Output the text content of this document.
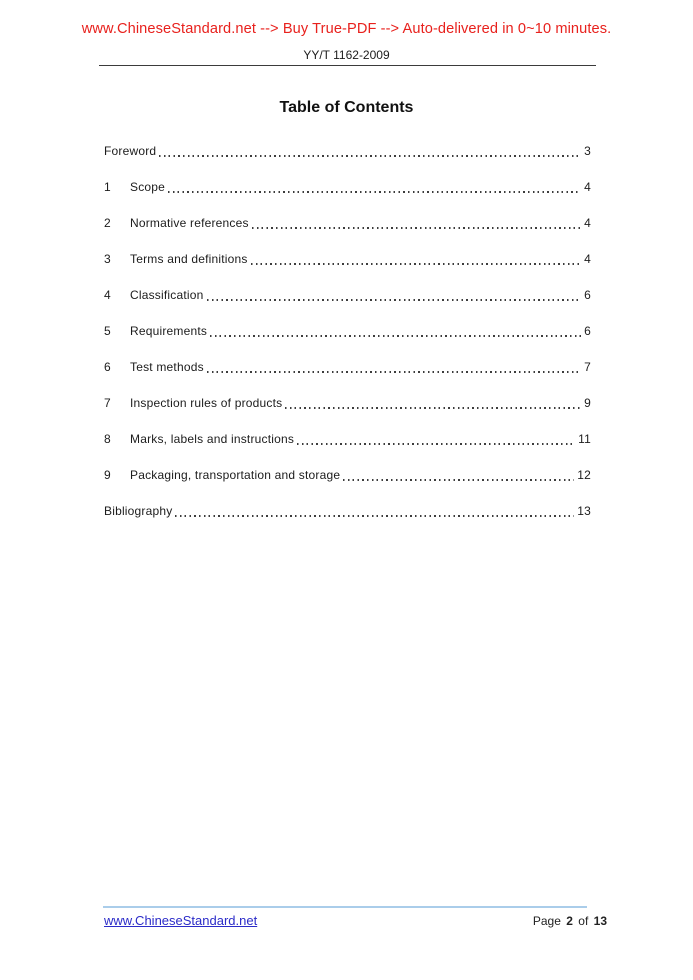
www.ChineseStandard.net --> Buy True-PDF --> Auto-delivered in 0~10 minutes.
YY/T 1162-2009
Table of Contents
Foreword	3
1	Scope	4
2	Normative references	4
3	Terms and definitions	4
4	Classification	6
5	Requirements	6
6	Test methods	7
7	Inspection rules of products	9
8	Marks, labels and instructions	11
9	Packaging, transportation and storage	12
Bibliography	13
www.ChineseStandard.net	Page 2 of 13
